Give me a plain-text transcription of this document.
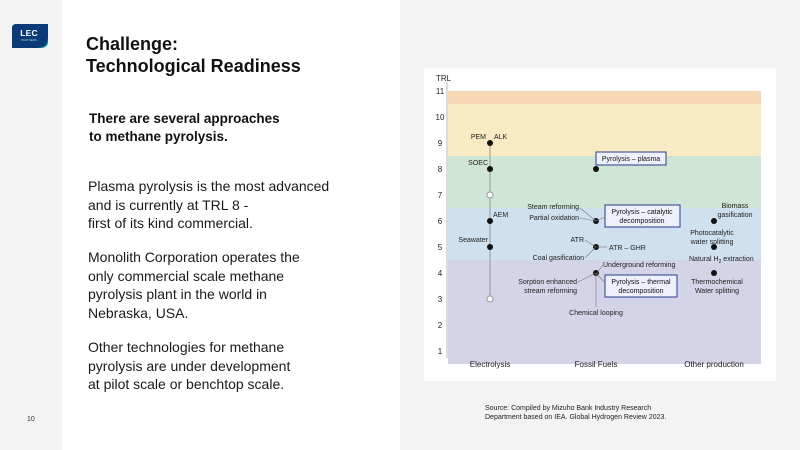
LEC
PARTNERS	Challenge:
Technological Readiness
There are several approaches
to methane pyrolysis.
Plasma pyrolysis is the most advanced
and is currently at TRL 8 -
first of its kind commercial.
Monolith Corporation operates the
only commercial scale methane
pyrolysis plant in the world in
Nebraska, USA.
Other technologies for methane
pyrolysis are under development
at pilot scale or benchtop scale.
10
1
2
3
4
5
6
7
8
9
10
11
TRL
Electrolysis	Fossil Fuels	Other production
PEM ALK
SOEC
AEM
Seawater
Steam reforming
Partial oxidation
ATR
ATR – GHR
Coal gasification
Underground reforming
Sorption enhanced
stream reforming
Chemical looping
Biomass
gasification
Photocatalytic
water splitting
Natural $H_2$ extraction
Thermochemical
Water splitting
Pyrolysis – plasma
Pyrolysis – catalytic
decomposition
Pyrolysis – thermal
decomposition
Source: Compiled by Mizuho Bank Industry Research
Department based on IEA. Global Hydrogen Review 2023.
